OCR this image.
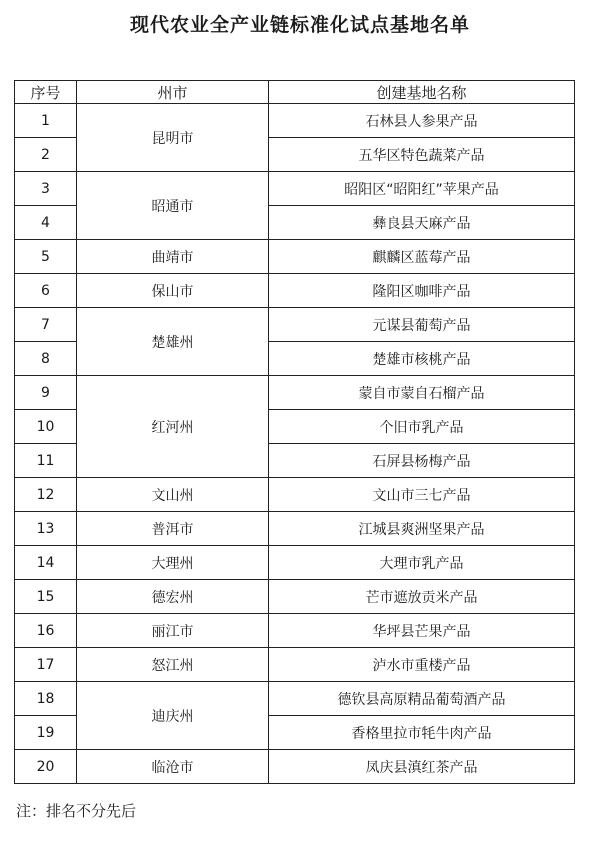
现代农业全产业链标准化试点基地名单
序号	州市	创建基地名称
1	昆明市	石林县人参果产品
2		五华区特色蔬菜产品
3	昭通市	昭阳区“昭阳红”苹果产品
4		彝良县天麻产品
5	曲靖市	麒麟区蓝莓产品
6	保山市	隆阳区咖啡产品
7	楚雄州	元谋县葡萄产品
8		楚雄市核桃产品
9	红河州	蒙自市蒙自石榴产品
10		个旧市乳产品
11		石屏县杨梅产品
12	文山州	文山市三七产品
13	普洱市	江城县爽洲坚果产品
14	大理州	大理市乳产品
15	德宏州	芒市遮放贡米产品
16	丽江市	华坪县芒果产品
17	怒江州	泸水市重楼产品
18	迪庆州	德钦县高原精品葡萄酒产品
19		香格里拉市牦牛肉产品
20	临沧市	凤庆县滇红茶产品
注：排名不分先后
